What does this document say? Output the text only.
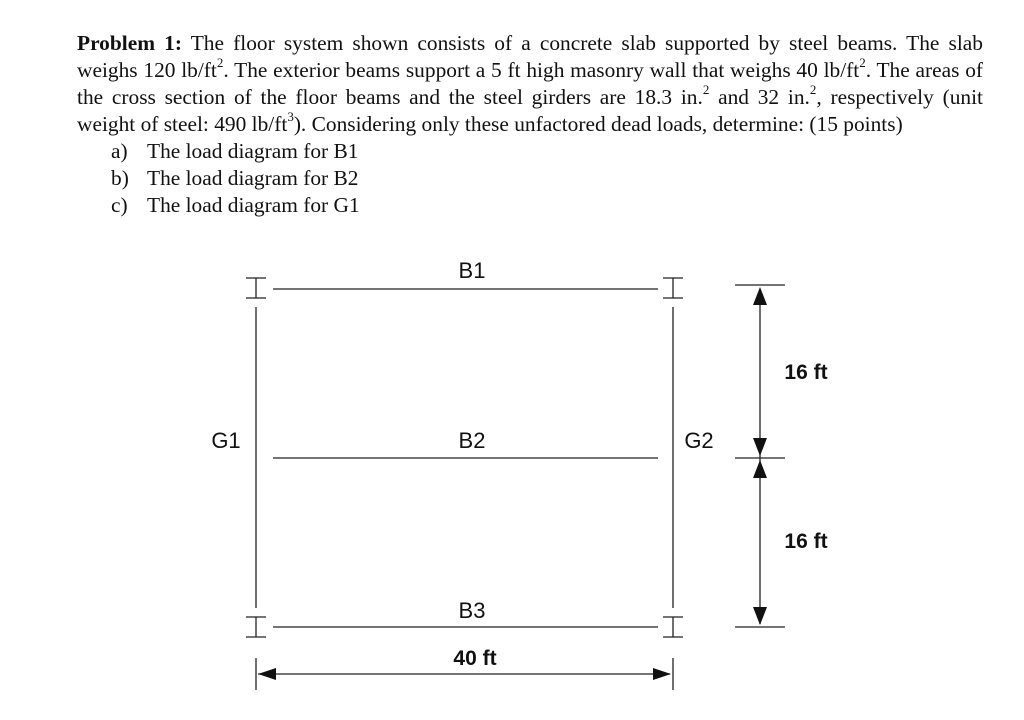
Problem 1: The floor system shown consists of a concrete slab supported by steel beams. The slab weighs 120 $lb/ft^2$. The exterior beams support a 5 ft high masonry wall that weighs 40 $lb/ft^2$. The areas of the cross section of the floor beams and the steel girders are 18.3 in.$^2$ and 32 in.$^2$, respectively (unit weight of steel: 490 $lb/ft^3$). Considering only these unfactored dead loads, determine: (15 points)

a) The load diagram for B1
b) The load diagram for B2
c) The load diagram for G1
B1
B2
B3
G1	G2
40 ft
16 ft
16 ft
